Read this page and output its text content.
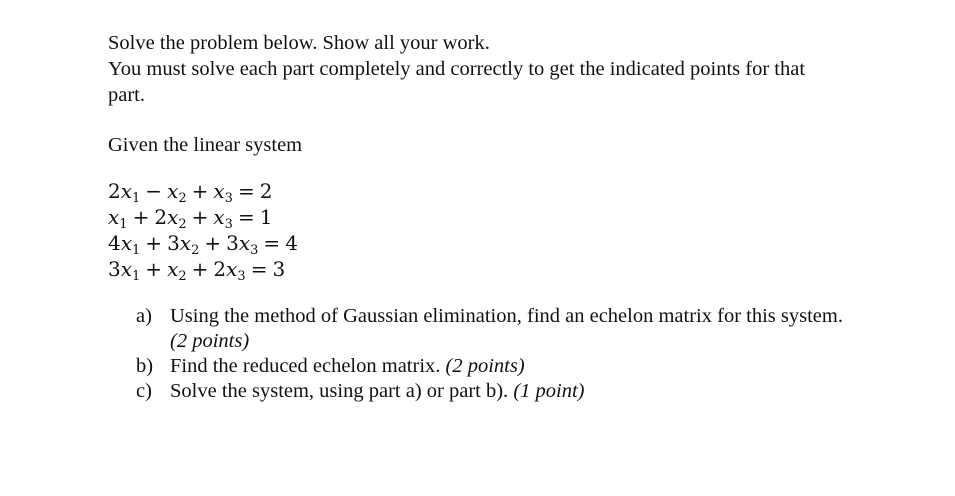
Solve the problem below. Show all your work.
You must solve each part completely and correctly to get the indicated points for that
part.
Given the linear system
$2x_1 - x_2 + x_3 = 2$
$x_1 + 2x_2 + x_3 = 1$
$4x_1 + 3x_2 + 3x_3 = 4$
$3x_1 + x_2 + 2x_3 = 3$
a) Using the method of Gaussian elimination, find an echelon matrix for this system. (2 points)
b) Find the reduced echelon matrix. (2 points)
c) Solve the system, using part a) or part b). (1 point)
